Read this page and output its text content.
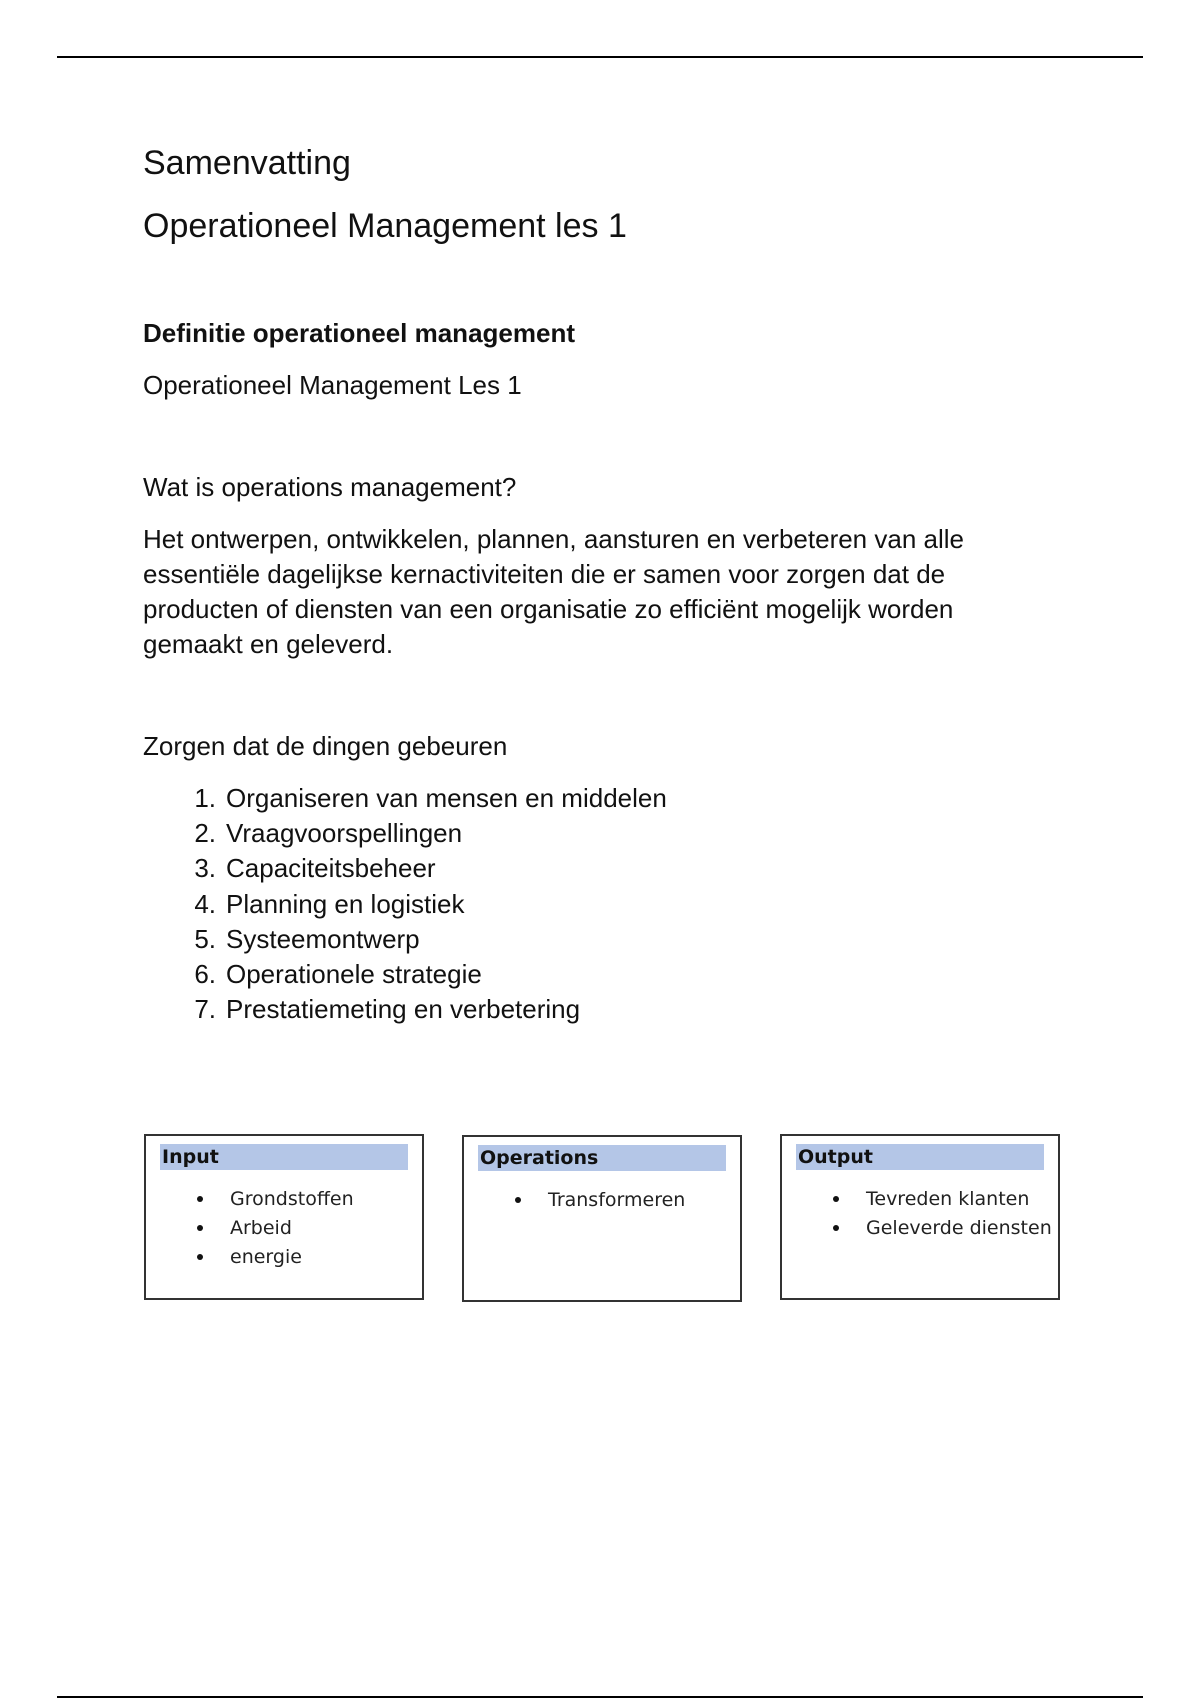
Samenvatting
Operationeel Management les 1
Definitie operationeel management

Operationeel Management Les 1

Wat is operations management?

Het ontwerpen, ontwikkelen, plannen, aansturen en verbeteren van alle essentiële dagelijkse kernactiviteiten die er samen voor zorgen dat de producten of diensten van een organisatie zo efficiënt mogelijk worden gemaakt en geleverd.

Zorgen dat de dingen gebeuren

1. Organiseren van mensen en middelen
2. Vraagvoorspellingen
3. Capaciteitsbeheer
4. Planning en logistiek
5. Systeemontwerp
6. Operationele strategie
7. Prestatiemeting en verbetering
Input
Grondstoffen
Arbeid
energie
Operations
Transformeren
Output
Tevreden klanten
Geleverde diensten
